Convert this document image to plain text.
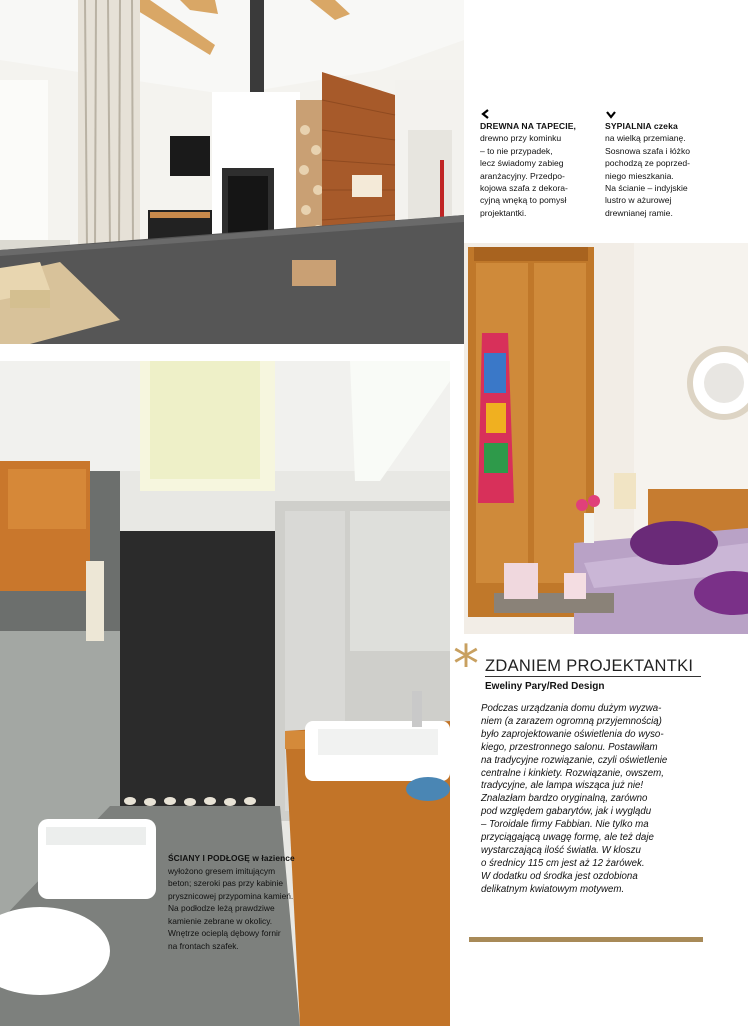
DREWNA NA TAPECIE,
drewno przy kominku
– to nie przypadek,
lecz świadomy zabieg
aranżacyjny. Przedpo-
kojowa szafa z dekora-
cyjną wnęką to pomysł
projektantki.
SYPIALNIA czeka
na wielką przemianę.
Sosnowa szafa i łóżko
pochodzą ze poprzed-
niego mieszkania.
Na ścianie – indyjskie
lustro w ażurowej
drewnianej ramie.
ŚCIANY I PODŁOGĘ w łazience
wyłożono gresem imitującym
beton; szeroki pas przy kabinie
prysznicowej przypomina kamień.
Na podłodze leżą prawdziwe
kamienie zebrane w okolicy.
Wnętrze ocieplą dębowy fornir
na frontach szafek.
* ZDANIEM PROJEKTANTKI
Eweliny Pary/Red Design
Podczas urządzania domu dużym wyzwa-
niem (a zarazem ogromną przyjemnością)
było zaprojektowanie oświetlenia do wyso-
kiego, przestronnego salonu. Postawiłam
na tradycyjne rozwiązanie, czyli oświetlenie
centralne i kinkiety. Rozwiązanie, owszem,
tradycyjne, ale lampa wisząca już nie!
Znalazłam bardzo oryginalną, zarówno
pod względem gabarytów, jak i wyglądu
– Toroidale firmy Fabbian. Nie tylko ma
przyciągającą uwagę formę, ale też daje
wystarczającą ilość światła. W kloszu
o średnicy 115 cm jest aż 12 żarówek.
W dodatku od środka jest ozdobiona
delikatnym kwiatowym motywem.
